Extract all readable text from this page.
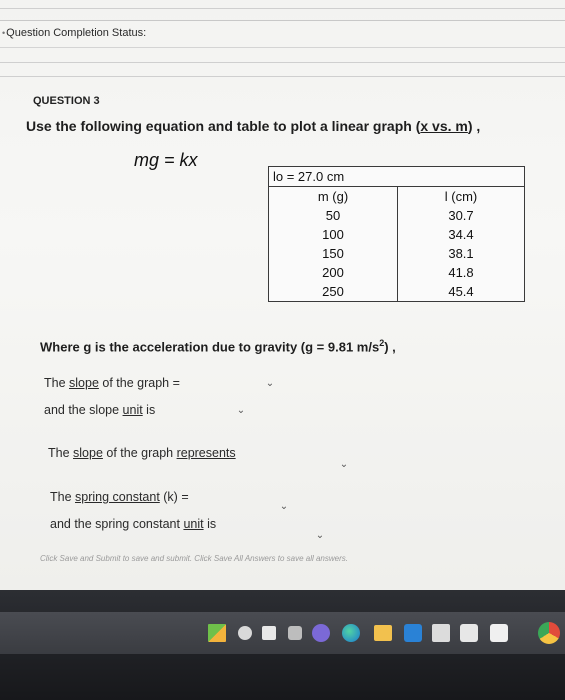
• Question Completion Status:
QUESTION 3
Use the following equation and table to plot a linear graph (x vs. m) ,
mg = kx
lo = 27.0 cm	
m (g)	l (cm)
50	30.7
100	34.4
150	38.1
200	41.8
250	45.4
Where g is the acceleration due to gravity (g = 9.81 $m/s^2$) ,
The slope of the graph =	⌄
and the slope unit is	⌄
The slope of the graph represents
⌄
The spring constant (k) =
⌄
and the spring constant unit is
⌄
Click Save and Submit to save and submit. Click Save All Answers to save all answers.
